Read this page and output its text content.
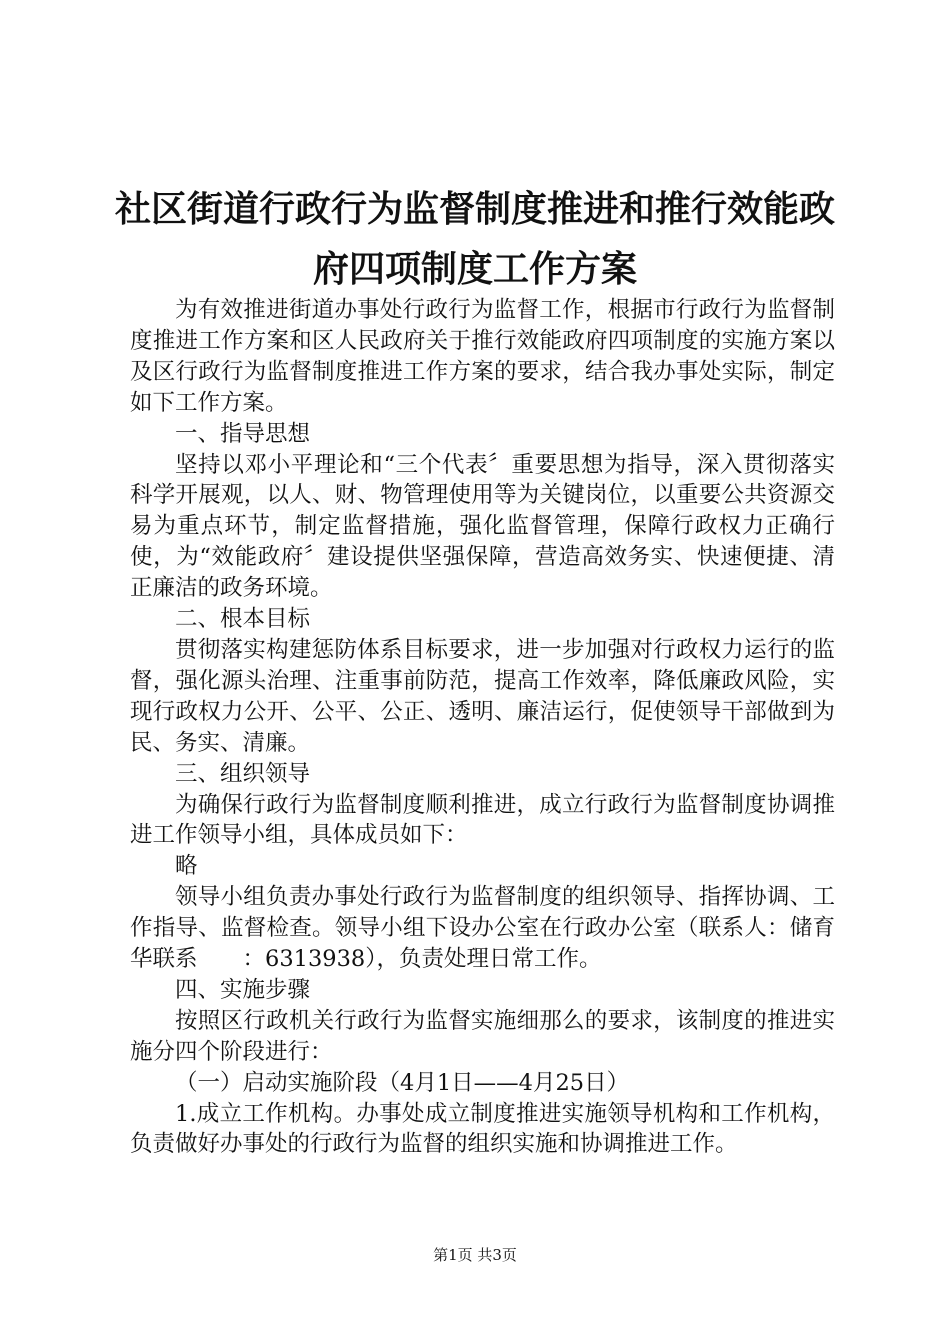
社区街道行政行为监督制度推进和推行效能政
府四项制度工作方案

为有效推进街道办事处行政行为监督工作，根据市行政行为监督制度推进工作方案和区人民政府关于推行效能政府四项制度的实施方案以及区行政行为监督制度推进工作方案的要求，结合我办事处实际，制定如下工作方案。

一、指导思想

坚持以邓小平理论和“三个代表〞重要思想为指导，深入贯彻落实科学开展观，以人、财、物管理使用等为关键岗位，以重要公共资源交易为重点环节，制定监督措施，强化监督管理，保障行政权力正确行使，为“效能政府〞建设提供坚强保障，营造高效务实、快速便捷、清正廉洁的政务环境。

二、根本目标

贯彻落实构建惩防体系目标要求，进一步加强对行政权力运行的监督，强化源头治理、注重事前防范，提高工作效率，降低廉政风险，实现行政权力公开、公平、公正、透明、廉洁运行，促使领导干部做到为民、务实、清廉。

三、组织领导

为确保行政行为监督制度顺利推进，成立行政行为监督制度协调推进工作领导小组，具体成员如下：

略

领导小组负责办事处行政行为监督制度的组织领导、指挥协调、工作指导、监督检查。领导小组下设办公室在行政办公室（联系人：储育华联系　　：6313938），负责处理日常工作。

四、实施步骤

按照区行政机关行政行为监督实施细那么的要求，该制度的推进实施分四个阶段进行：

（一）启动实施阶段（4月1日——4月25日）

1.成立工作机构。办事处成立制度推进实施领导机构和工作机构，负责做好办事处的行政行为监督的组织实施和协调推进工作。

第1页 共3页
